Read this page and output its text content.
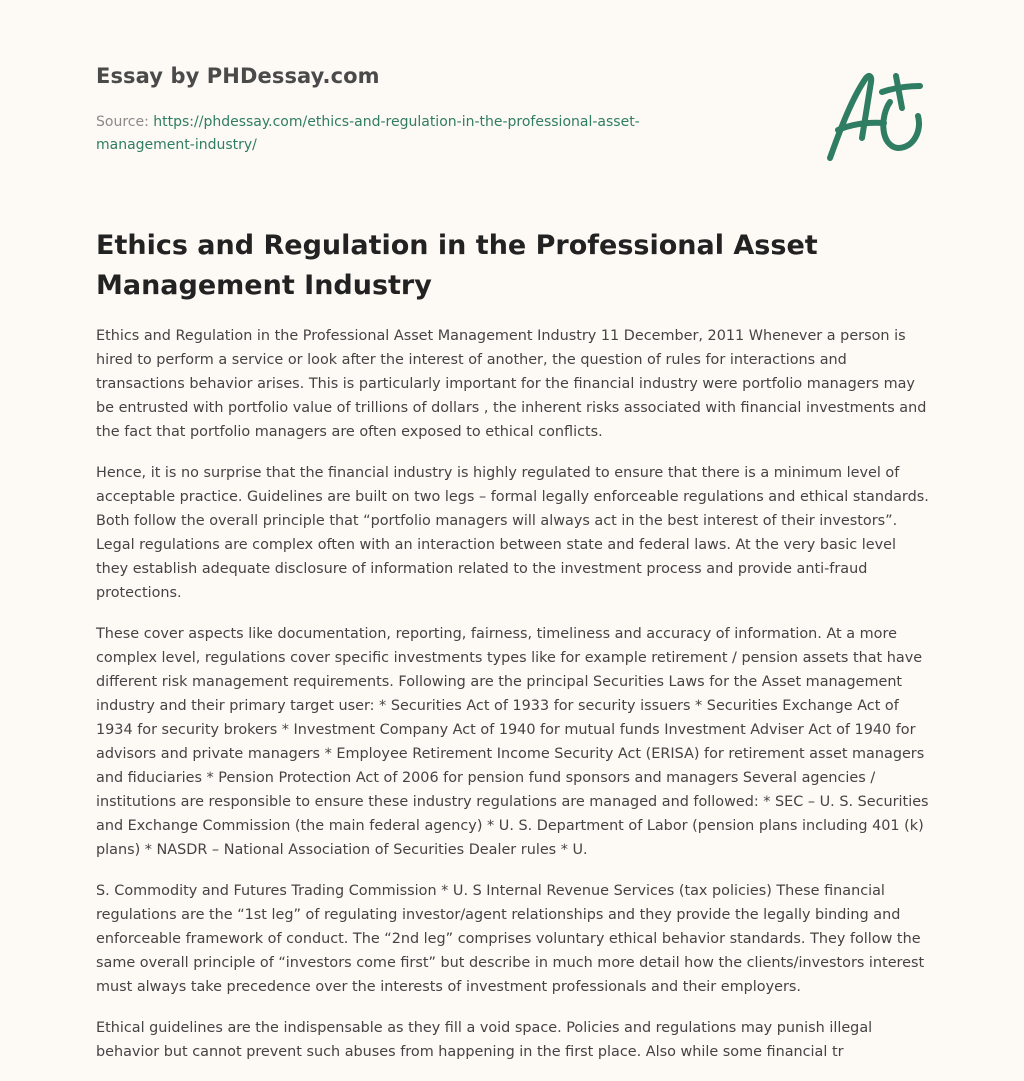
Essay by PHDessay.com
Source: https://phdessay.com/ethics-and-regulation-in-the-professional-asset-management-industry/
Ethics and Regulation in the Professional Asset Management Industry

Ethics and Regulation in the Professional Asset Management Industry 11 December, 2011 Whenever a person is hired to perform a service or look after the interest of another, the question of rules for interactions and transactions behavior arises. This is particularly important for the financial industry were portfolio managers may be entrusted with portfolio value of trillions of dollars , the inherent risks associated with financial investments and the fact that portfolio managers are often exposed to ethical conflicts.

Hence, it is no surprise that the financial industry is highly regulated to ensure that there is a minimum level of acceptable practice. Guidelines are built on two legs – formal legally enforceable regulations and ethical standards. Both follow the overall principle that “portfolio managers will always act in the best interest of their investors”. Legal regulations are complex often with an interaction between state and federal laws. At the very basic level they establish adequate disclosure of information related to the investment process and provide anti-fraud protections.

These cover aspects like documentation, reporting, fairness, timeliness and accuracy of information. At a more complex level, regulations cover specific investments types like for example retirement / pension assets that have different risk management requirements. Following are the principal Securities Laws for the Asset management industry and their primary target user: * Securities Act of 1933 for security issuers * Securities Exchange Act of 1934 for security brokers * Investment Company Act of 1940 for mutual funds Investment Adviser Act of 1940 for advisors and private managers * Employee Retirement Income Security Act (ERISA) for retirement asset managers and fiduciaries * Pension Protection Act of 2006 for pension fund sponsors and managers Several agencies / institutions are responsible to ensure these industry regulations are managed and followed: * SEC – U. S. Securities and Exchange Commission (the main federal agency) * U. S. Department of Labor (pension plans including 401 (k) plans) * NASDR – National Association of Securities Dealer rules * U.

S. Commodity and Futures Trading Commission * U. S Internal Revenue Services (tax policies) These financial regulations are the “1st leg” of regulating investor/agent relationships and they provide the legally binding and enforceable framework of conduct. The “2nd leg” comprises voluntary ethical behavior standards. They follow the same overall principle of “investors come first” but describe in much more detail how the clients/investors interest must always take precedence over the interests of investment professionals and their employers.

Ethical guidelines are the indispensable as they fill a void space. Policies and regulations may punish illegal behavior but cannot prevent such abuses from happening in the first place. Also while some financial tr
